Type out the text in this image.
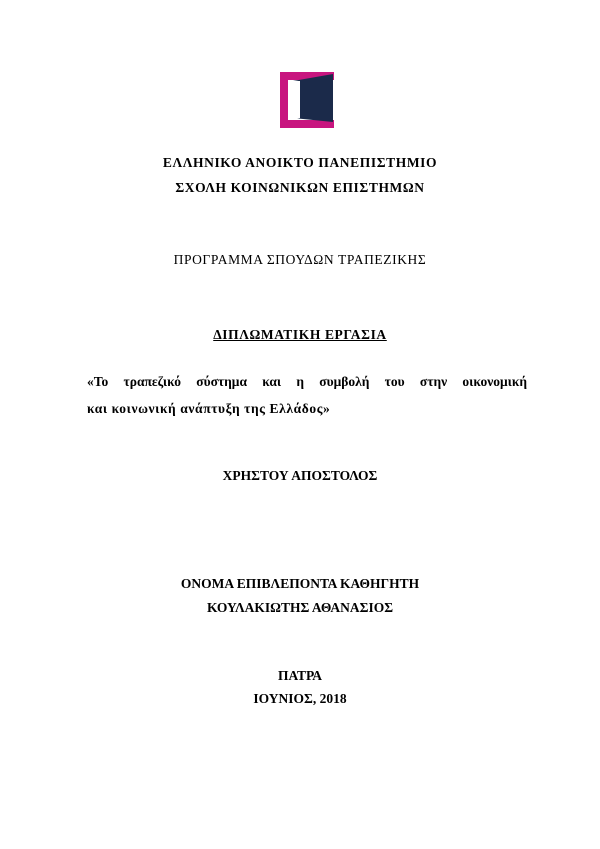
ΕΛΛΗΝΙΚΟ ΑΝΟΙΚΤΟ ΠΑΝΕΠΙΣΤΗΜΙΟ
ΣΧΟΛΗ ΚΟΙΝΩΝΙΚΩΝ ΕΠΙΣΤΗΜΩΝ
ΠΡΟΓΡΑΜΜΑ ΣΠΟΥΔΩΝ ΤΡΑΠΕΖΙΚΗΣ
ΔΙΠΛΩΜΑΤΙΚΗ ΕΡΓΑΣΙΑ
«Το τραπεζικό σύστημα και η συμβολή του στην οικονομική
και κοινωνική ανάπτυξη της Ελλάδος»
ΧΡΗΣΤΟΥ ΑΠΟΣΤΟΛΟΣ
ΟΝΟΜΑ ΕΠΙΒΛΕΠΟΝΤΑ ΚΑΘΗΓΗΤΗ
ΚΟΥΛΑΚΙΩΤΗΣ ΑΘΑΝΑΣΙΟΣ
ΠΑΤΡΑ
ΙΟΥΝΙΟΣ, 2018
